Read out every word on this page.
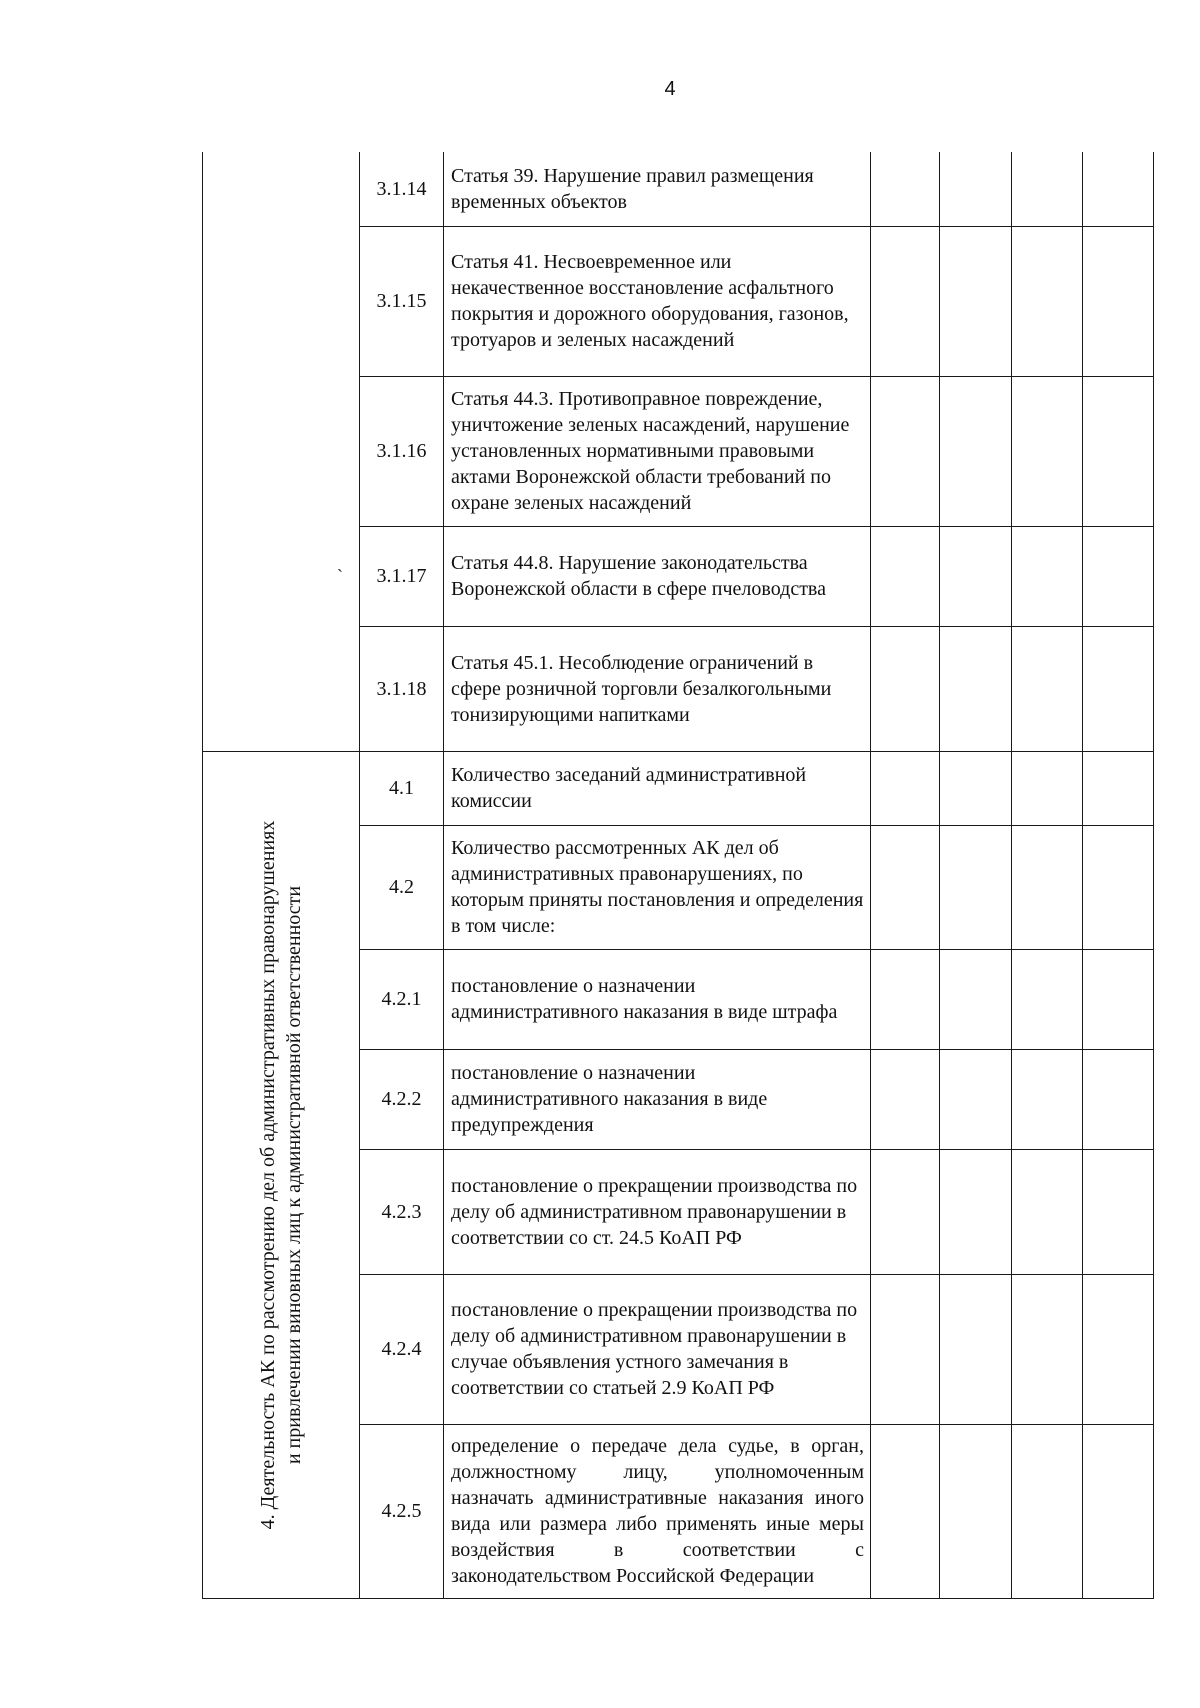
4
`
	3.1.14	Статья 39. Нарушение правил размещения временных объектов				
	3.1.15	Статья 41. Несвоевременное или некачественное восстановление асфальтного покрытия и дорожного оборудования, газонов, тротуаров и зеленых насаждений				
	3.1.16	Статья 44.3. Противоправное повреждение, уничтожение зеленых насаждений, нарушение установленных нормативными правовыми актами Воронежской области требований по охране зеленых насаждений				
	3.1.17	Статья 44.8. Нарушение законодательства Воронежской области в сфере пчеловодства				
	3.1.18	Статья 45.1. Несоблюдение ограничений в сфере розничной торговли безалкогольными тонизирующими напитками				

4. Деятельность АК по рассмотрению дел об административных правонарушениях и привлечении виновных лиц к административной ответственности	4.1	Количество заседаний административной комиссии				
	4.2	Количество рассмотренных АК дел об административных правонарушениях, по которым приняты постановления и определения в том числе:				
	4.2.1	постановление о назначении административного наказания в виде штрафа				
	4.2.2	постановление о назначении административного наказания в виде предупреждения				
	4.2.3	постановление о прекращении производства по делу об административном правонарушении в соответствии со ст. 24.5 КоАП РФ				
	4.2.4	постановление о прекращении производства по делу об административном правонарушении в случае объявления устного замечания в соответствии со статьей 2.9 КоАП РФ				
	4.2.5	определение о передаче дела судье, в орган, должностному лицу, уполномоченным назначать административные наказания иного вида или размера либо применять иные меры воздействия в соответствии с законодательством Российской Федерации				
